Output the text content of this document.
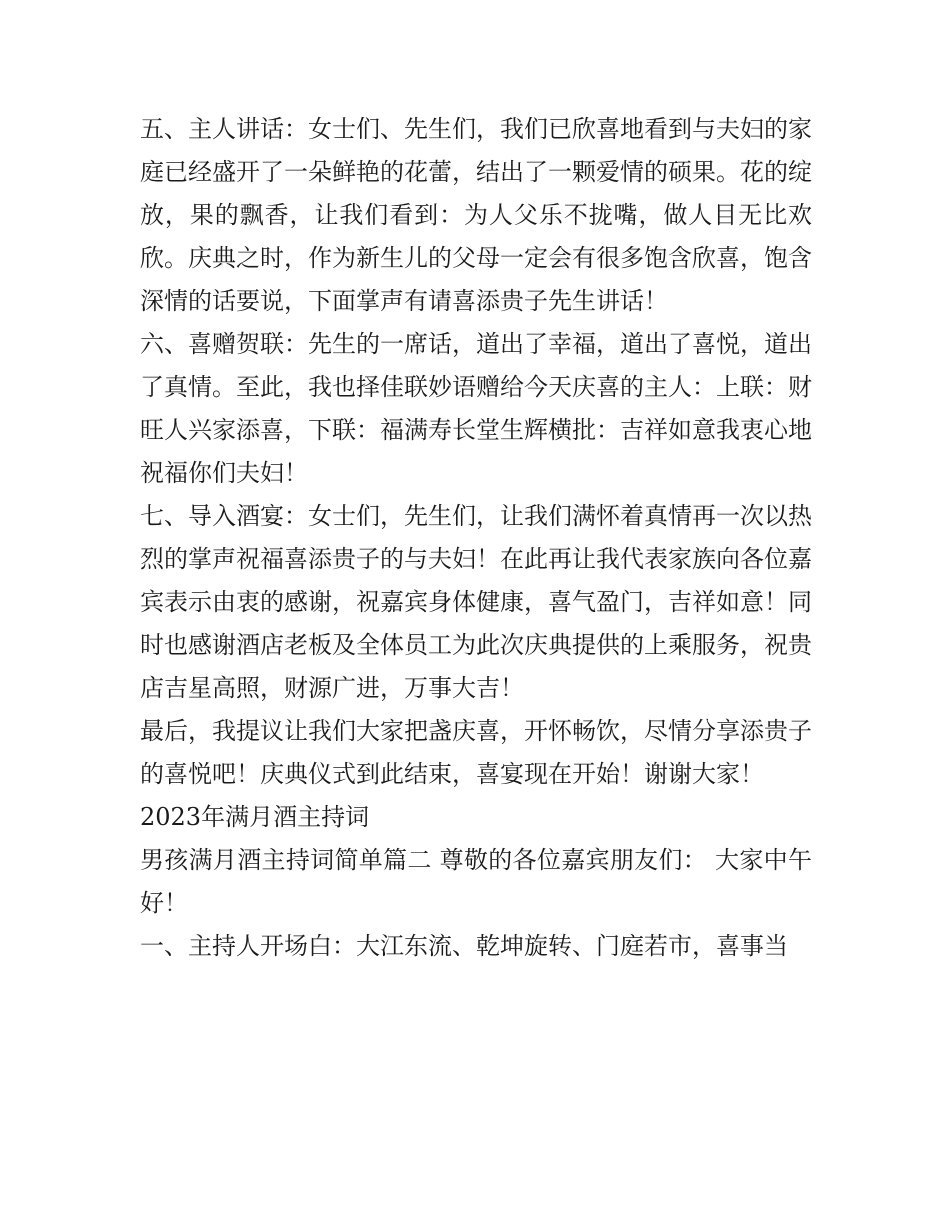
五、主人讲话：女士们、先生们，我们已欣喜地看到与夫妇的家庭已经盛开了一朵鲜艳的花蕾，结出了一颗爱情的硕果。花的绽放，果的飘香，让我们看到：为人父乐不拢嘴，做人目无比欢欣。庆典之时，作为新生儿的父母一定会有很多饱含欣喜，饱含深情的话要说，下面掌声有请喜添贵子先生讲话！

六、喜赠贺联：先生的一席话，道出了幸福，道出了喜悦，道出了真情。至此，我也择佳联妙语赠给今天庆喜的主人：上联：财旺人兴家添喜，下联：福满寿长堂生辉横批：吉祥如意我衷心地祝福你们夫妇！

七、导入酒宴：女士们，先生们，让我们满怀着真情再一次以热烈的掌声祝福喜添贵子的与夫妇！在此再让我代表家族向各位嘉宾表示由衷的感谢，祝嘉宾身体健康，喜气盈门，吉祥如意！同时也感谢酒店老板及全体员工为此次庆典提供的上乘服务，祝贵店吉星高照，财源广进，万事大吉！

最后，我提议让我们大家把盏庆喜，开怀畅饮，尽情分享添贵子的喜悦吧！庆典仪式到此结束，喜宴现在开始！谢谢大家！

2023年满月酒主持词

男孩满月酒主持词简单篇二 尊敬的各位嘉宾朋友们： 大家中午好！

一、主持人开场白：大江东流、乾坤旋转、门庭若市，喜事当
